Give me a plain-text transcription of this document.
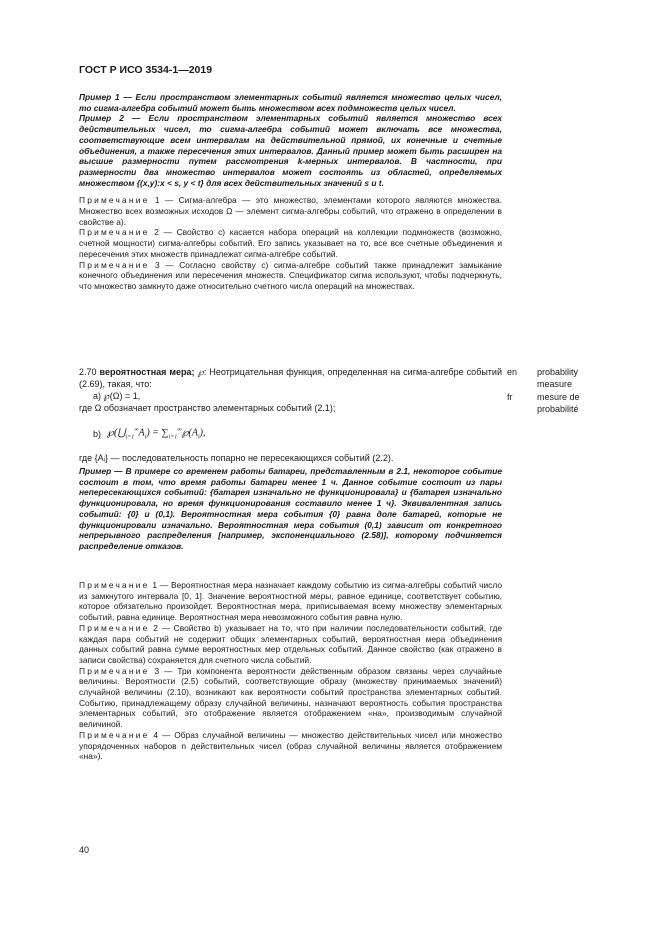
ГОСТ Р ИСО 3534-1—2019

Пример 1 — Если пространством элементарных событий является множество целых чисел, то сигма-алгебра событий может быть множеством всех подмножеств целых чисел.

Пример 2 — Если пространством элементарных событий является множество всех действительных чисел, то сигма-алгебра событий может включать все множества, соответствующие всем интервалам на действительной прямой, их конечные и счетные объединения, а также пересечения этих интервалов. Данный пример может быть расширен на высшие размерности путем рассмотрения k-мерных интервалов. В частности, при размерности два множество интервалов может состоять из областей, определяемых множеством {(x,y):x < s, y < t} для всех действительных значений s и t.

Примечание 1 — Сигма-алгебра — это множество, элементами которого являются множества. Множество всех возможных исходов Ω — элемент сигма-алгебры событий, что отражено в определении в свойстве a).

Примечание 2 — Свойство c) касается набора операций на коллекции подмножеств (возможно, счетной мощности) сигма-алгебры событий. Его запись указывает на то, все все счетные объединения и пересечения этих множеств принадлежат сигма-алгебре событий.

Примечание 3 — Согласно свойству c) сигма-алгебре событий также принадлежит замыкание конечного объединения или пересечения множеств. Спецификатор сигма используют, чтобы подчеркнуть, что множество замкнуто даже относительно счетного числа операций на множествах.

2.70 вероятностная мера; ℘: Неотрицательная функция, определенная на сигма-алгебре событий (2.69), такая, что:

a) ℘(Ω) = 1,

где Ω обозначает пространство элементарных событий (2.1);

b) $℘(⋃_{i=1}^\infty A_i)$ = $\sum_{i=1}^\infty℘(A_i)$,

где {Aᵢ} — последовательность попарно не пересекающихся событий (2.2).

en probability
measure
fr	mesure de
probabilité

Пример — В примере со временем работы батареи, представленным в 2.1, некоторое событие состоит в том, что время работы батареи менее 1 ч. Данное событие состоит из пары непересекающихся событий: {батарея изначально не функционировала} и {батарея изначально функционировала, но время функционирования составило менее 1 ч}. Эквивалентная запись событий: {0} и (0,1). Вероятностная мера события {0} равна доле батарей, которые не функционировали изначально. Вероятностная мера события (0,1) зависит от конкретного непрерывного распределения [например, экспоненциального (2.58)], которому подчиняется распределение отказов.

Примечание 1 — Вероятностная мера назначает каждому событию из сигма-алгебры событий число из замкнутого интервала [0, 1]. Значение вероятностной меры, равное единице, соответствует событию, которое обязательно произойдет. Вероятностная мера, приписываемая всему множеству элементарных событий, равна единице. Вероятностная мера невозможного события равна нулю.

Примечание 2 — Свойство b) указывает на то, что при наличии последовательности событий, где каждая пара событий не содержит общих элементарных событий, вероятностная мера объединения данных событий равна сумме вероятностных мер отдельных событий. Данное свойство (как отражено в записи свойства) сохраняется для счетного числа событий.

Примечание 3 — Три компонента вероятности действенным образом связаны через случайные величины. Вероятности (2.5) событий, соответствующие образу (множеству принимаемых значений) случайной величины (2.10), возникают как вероятности событий пространства элементарных событий. Событию, принадлежащему образу случайной величины, назначают вероятность события пространства элементарных событий, это отображение является отображением «на», производимым случайной величиной.

Примечание 4 — Образ случайной величины — множество действительных чисел или множество упорядоченных наборов n действительных чисел (образ случайной величины является отображением «на»).

40
